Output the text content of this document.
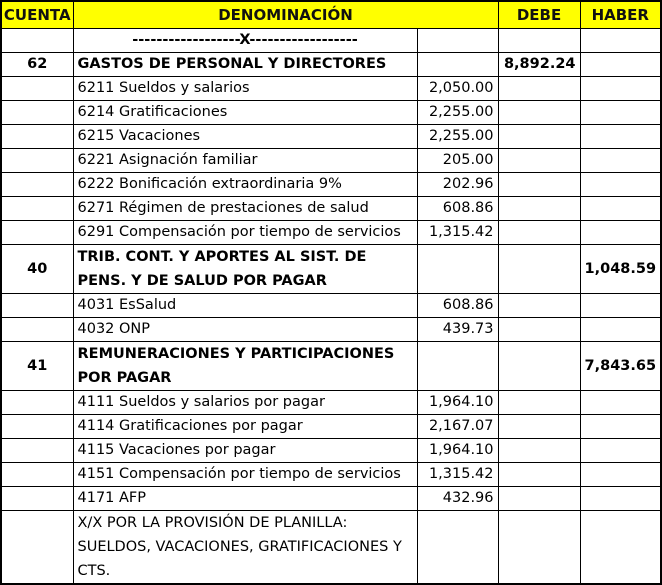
CUENTA	DENOMINACIÓN		DEBE	HABER
	------------------X------------------			
62	GASTOS DE PERSONAL Y DIRECTORES		8,892.24	
	6211 Sueldos y salarios	2,050.00		
	6214 Gratificaciones	2,255.00		
	6215 Vacaciones	2,255.00		
	6221 Asignación familiar	205.00		
	6222 Bonificación extraordinaria 9%	202.96		
	6271 Régimen de prestaciones de salud	608.86		
	6291 Compensación por tiempo de servicios	1,315.42		
40	TRIB. CONT. Y APORTES AL SIST. DE PENS. Y DE SALUD POR PAGAR			1,048.59
	4031 EsSalud	608.86		
	4032 ONP	439.73		
41	REMUNERACIONES Y PARTICIPACIONES POR PAGAR			7,843.65
	4111 Sueldos y salarios por pagar	1,964.10		
	4114 Gratificaciones por pagar	2,167.07		
	4115 Vacaciones por pagar	1,964.10		
	4151 Compensación por tiempo de servicios	1,315.42		
	4171 AFP	432.96		
	X/X POR LA PROVISIÓN DE PLANILLA: SUELDOS, VACACIONES, GRATIFICACIONES Y CTS.			
